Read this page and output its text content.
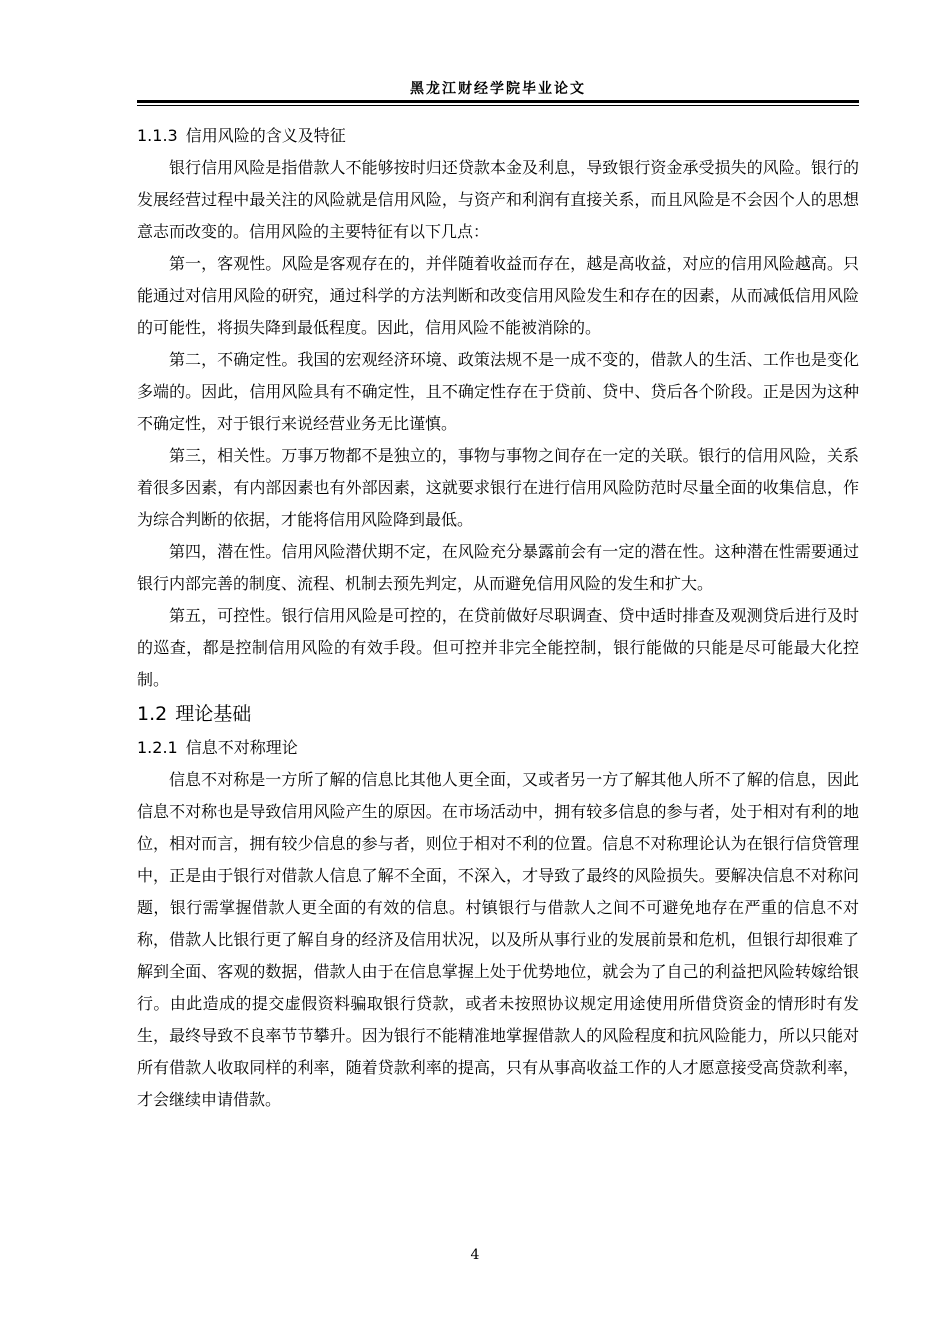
黑龙江财经学院毕业论文
1.1.3 信用风险的含义及特征

银行信用风险是指借款人不能够按时归还贷款本金及利息，导致银行资金承受损失的风险。银行的发展经营过程中最关注的风险就是信用风险，与资产和利润有直接关系，而且风险是不会因个人的思想意志而改变的。信用风险的主要特征有以下几点：

第一，客观性。风险是客观存在的，并伴随着收益而存在，越是高收益，对应的信用风险越高。只能通过对信用风险的研究，通过科学的方法判断和改变信用风险发生和存在的因素，从而减低信用风险的可能性，将损失降到最低程度。因此，信用风险不能被消除的。

第二，不确定性。我国的宏观经济环境、政策法规不是一成不变的，借款人的生活、工作也是变化多端的。因此，信用风险具有不确定性，且不确定性存在于贷前、贷中、贷后各个阶段。正是因为这种不确定性，对于银行来说经营业务无比谨慎。

第三，相关性。万事万物都不是独立的，事物与事物之间存在一定的关联。银行的信用风险，关系着很多因素，有内部因素也有外部因素，这就要求银行在进行信用风险防范时尽量全面的收集信息，作为综合判断的依据，才能将信用风险降到最低。

第四，潜在性。信用风险潜伏期不定，在风险充分暴露前会有一定的潜在性。这种潜在性需要通过银行内部完善的制度、流程、机制去预先判定，从而避免信用风险的发生和扩大。

第五，可控性。银行信用风险是可控的，在贷前做好尽职调查、贷中适时排查及观测贷后进行及时的巡查，都是控制信用风险的有效手段。但可控并非完全能控制，银行能做的只能是尽可能最大化控制。

1.2 理论基础
1.2.1 信息不对称理论

信息不对称是一方所了解的信息比其他人更全面，又或者另一方了解其他人所不了解的信息，因此信息不对称也是导致信用风险产生的原因。在市场活动中，拥有较多信息的参与者，处于相对有利的地位，相对而言，拥有较少信息的参与者，则位于相对不利的位置。信息不对称理论认为在银行信贷管理中，正是由于银行对借款人信息了解不全面，不深入，才导致了最终的风险损失。要解决信息不对称问题，银行需掌握借款人更全面的有效的信息。村镇银行与借款人之间不可避免地存在严重的信息不对称，借款人比银行更了解自身的经济及信用状况，以及所从事行业的发展前景和危机，但银行却很难了解到全面、客观的数据，借款人由于在信息掌握上处于优势地位，就会为了自己的利益把风险转嫁给银行。由此造成的提交虚假资料骗取银行贷款，或者未按照协议规定用途使用所借贷资金的情形时有发生，最终导致不良率节节攀升。因为银行不能精准地掌握借款人的风险程度和抗风险能力，所以只能对所有借款人收取同样的利率，随着贷款利率的提高，只有从事高收益工作的人才愿意接受高贷款利率，才会继续申请借款。

4
